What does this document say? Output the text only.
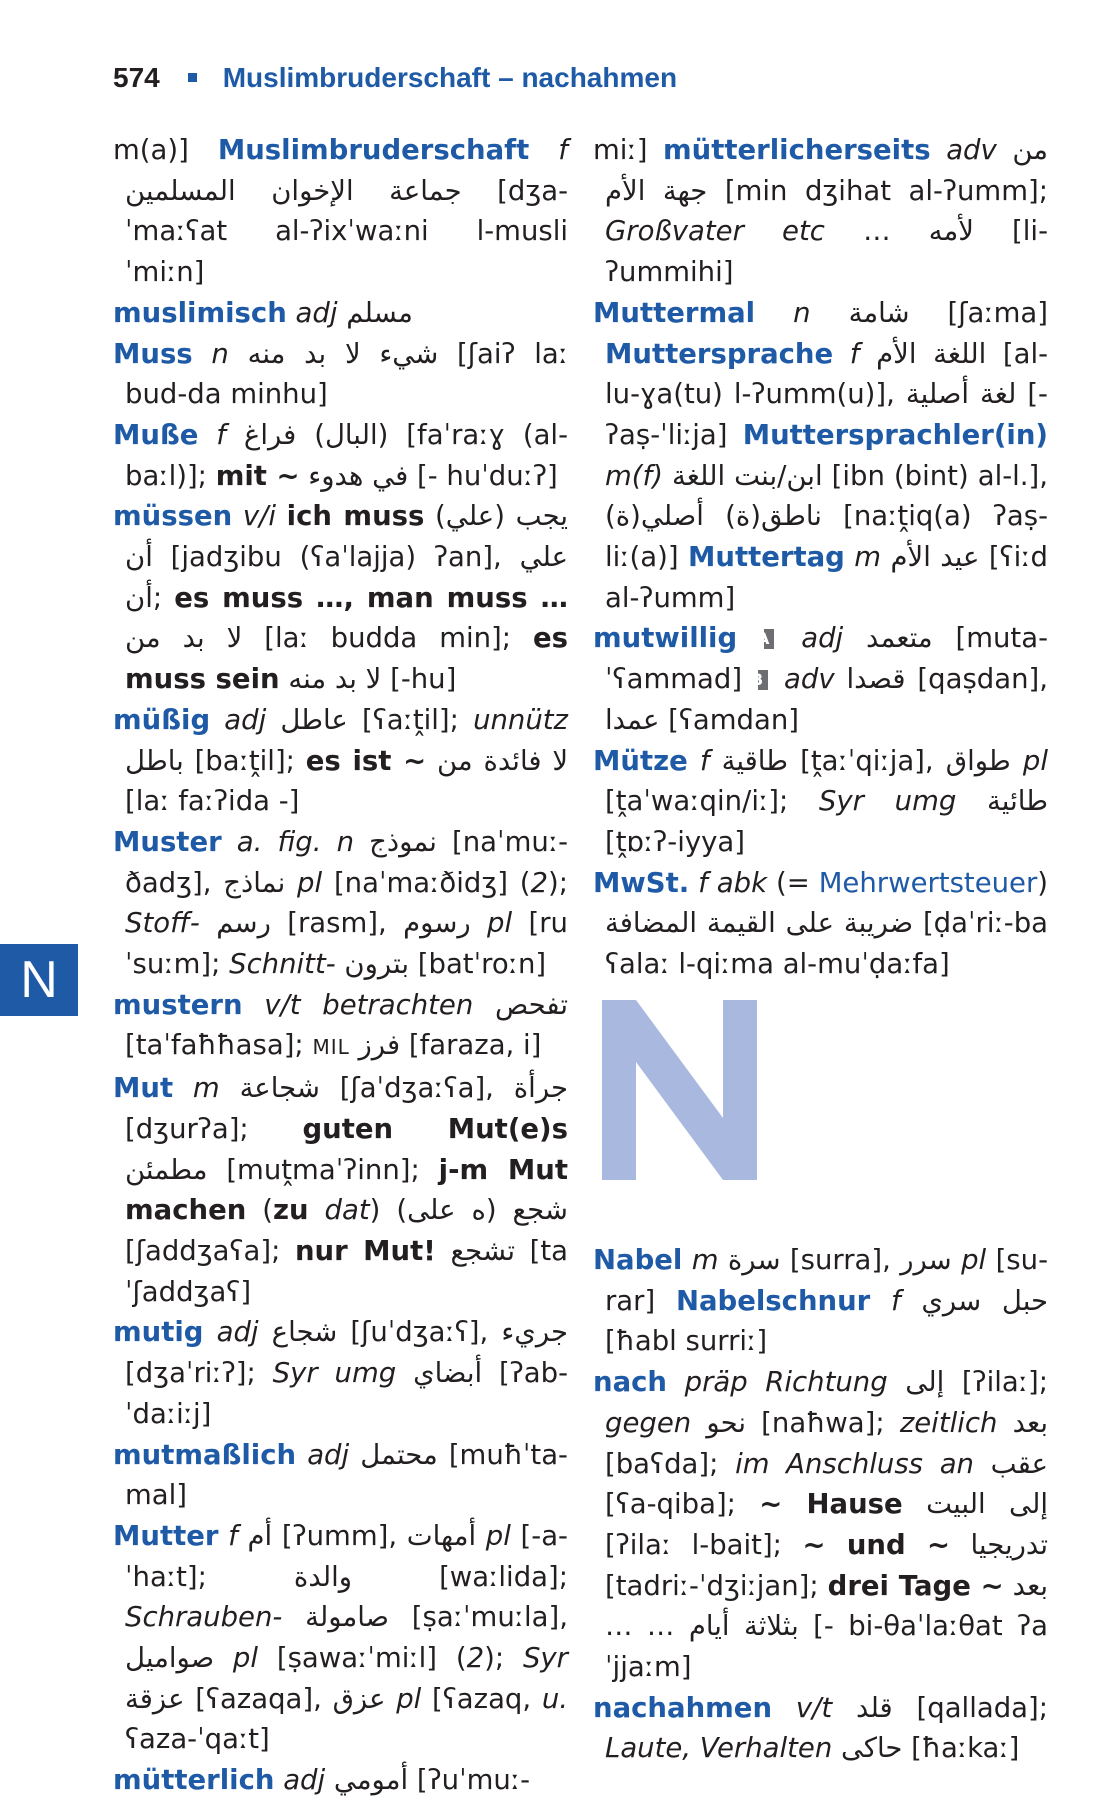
574 Muslimbruderschaft – nachahmen

m(a)] Muslimbruderschaft f جماعة الإخوان المسلمين [dʒa-ˈmaːʕat al-ʔixˈwaːni l-musliˈmiːn]

muslimisch adj مسلم

Muss n شيء لا بد منه [ʃaiʔ laː bud-da minhu]

Muße f (البال) فراغ [faˈraːɣ (al-baːl)]; mit ~ في هدوء [- huˈduːʔ]

müssen v/i ich muss يجب (علي) أن [jadʒibu (ʕaˈlajja) ʔan], علي أن; es muss …, man muss … لا بد من [laː budda min]; es muss sein لا بد منه [-hu]

müßig adj عاطل [ʕaːṱil]; unnütz باطل [baːṱil]; es ist ~ لا فائدة من [laː faːʔida -]

Muster a. fig. n نموذج [naˈmuː-ðadʒ], نماذج pl [naˈmaːðidʒ] (2); Stoff- رسم [rasm], رسوم pl [ruˈsuːm]; Schnitt- بترون [batˈroːn]

mustern v/t betrachten تفحص [taˈfaħħasa]; MIL فرز [faraza, i]

Mut m شجاعة [ʃaˈdʒaːʕa], جرأة [dʒurʔa]; guten Mut(e)s مطمئن [muṱmaˈʔinn]; j-m Mut machen (zu dat) شجع (ه على) [ʃaddʒaʕa]; nur Mut! تشجع [taˈʃaddʒaʕ]

mutig adj شجاع [ʃuˈdʒaːʕ], جريء [dʒaˈriːʔ]; Syr umg أبضاي [ʔab-ˈdaːiːj]

mutmaßlich adj محتمل [muħˈta-mal]

Mutter f أم [ʔumm], أمهات pl [-a-ˈhaːt]; والدة [waːlida]; Schrauben- صامولة [ṣaːˈmuːla], صواميل pl [ṣawaːˈmiːl] (2); Syr عزقة [ʕazaqa], عزق pl [ʕazaq, u. ʕaza-ˈqaːt]

mütterlich adj أمومي [ʔuˈmuː-

miː] mütterlicherseits adv من جهة الأم [min dʒihat al-ʔumm]; Großvater etc لأمه … [li-ʔummihi]

Muttermal n شامة [ʃaːma] Muttersprache f اللغة الأم [al-lu-ɣa(tu) l-ʔumm(u)], لغة أصلية [- ʔaṣ-ˈliːja] Muttersprachler(in) m(f) ابن/بنت اللغة [ibn (bint) al-l.], ناطق(ة) أصلي(ة) [naːṱiq(a) ʔaṣ-liː(a)] Muttertag m عيد الأم [ʕiːd al-ʔumm]

mutwillig A adj متعمد [muta-ˈʕammad] B adv قصدا [qaṣdan], عمدا [ʕamdan]

Mütze f طاقية [ṱaːˈqiːja], طواق pl [ṱaˈwaːqin/iː]; Syr umg طائية [ṱɒːʔ-iyya]

MwSt. f abk (= Mehrwertsteuer) ضريبة على القيمة المضافة [ḍaˈriː-ba ʕalaː l-qiːma al-muˈḍaːfa]

Nabel m سرة [surra], سرر pl [su-rar] Nabelschnur f حبل سري [ħabl surriː]

nach präp Richtung إلى [ʔilaː]; gegen نحو [naħwa]; zeitlich بعد [baʕda]; im Anschluss an عقب [ʕa-qiba]; ~ Hause إلى البيت [ʔilaː l-bait]; ~ und ~ تدريجيا [tadriː-ˈdʒiːjan]; drei Tage ~ بعد … … بثلاثة أيام [- bi-θaˈlaːθat ʔaˈjjaːm]

nachahmen v/t قلد [qallada]; Laute, Verhalten حاكى [ħaːkaː]

N
